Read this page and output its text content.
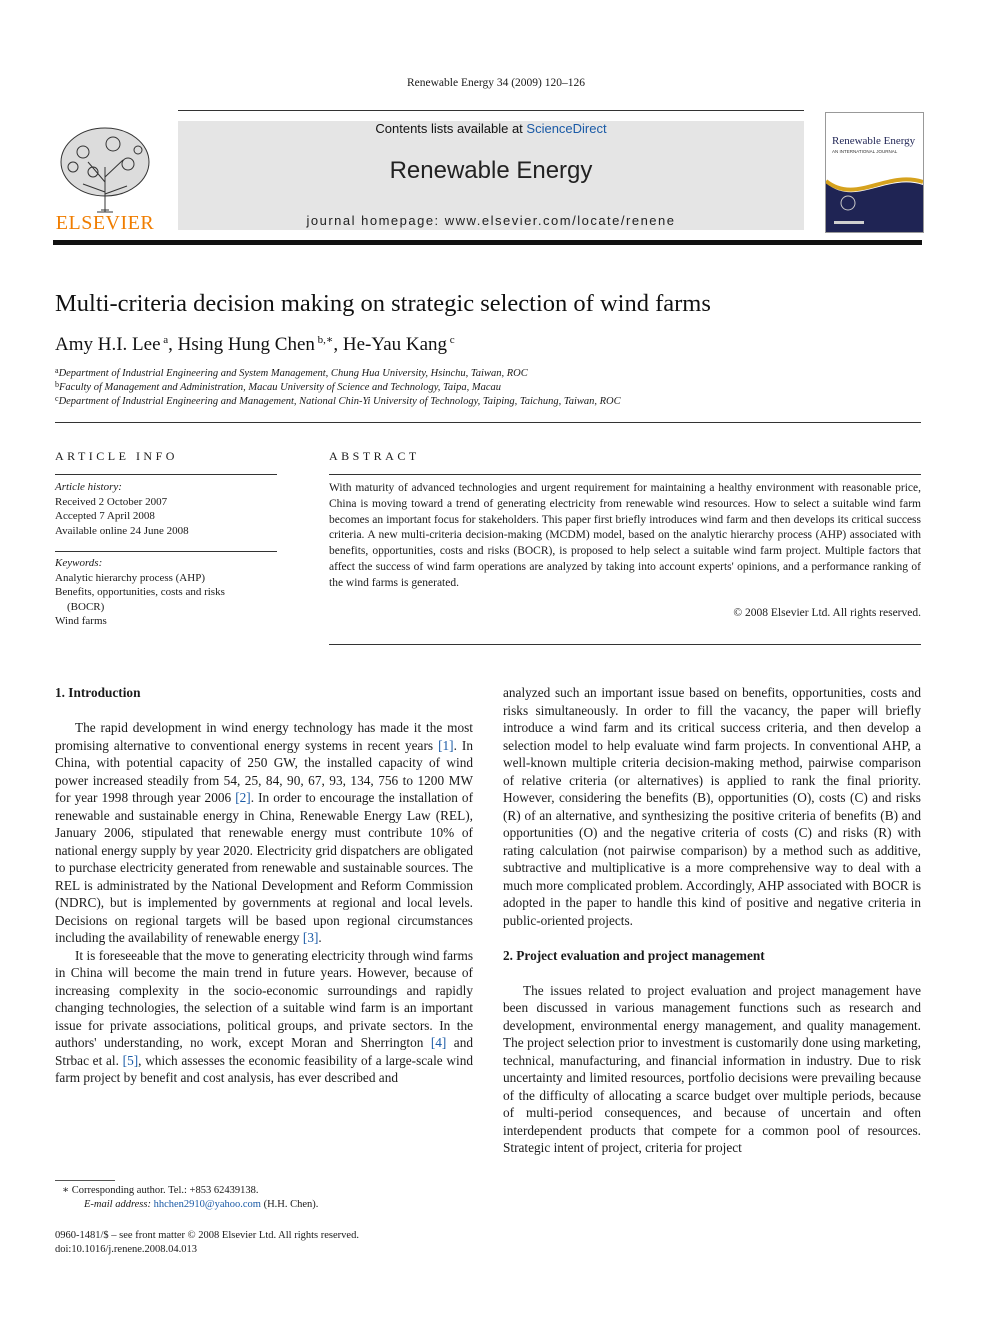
Renewable Energy 34 (2009) 120–126
ELSEVIER
Contents lists available at ScienceDirect
Renewable Energy
journal homepage: www.elsevier.com/locate/renene
Renewable Energy
AN INTERNATIONAL JOURNAL
Multi-criteria decision making on strategic selection of wind farms
Amy H.I. Lee $^a$, Hsing Hung Chen $^{b,∗}$, He-Yau Kang $^c$
$^a$Department of Industrial Engineering and System Management, Chung Hua University, Hsinchu, Taiwan, ROC
$^b$Faculty of Management and Administration, Macau University of Science and Technology, Taipa, Macau
$^c$Department of Industrial Engineering and Management, National Chin-Yi University of Technology, Taiping, Taichung, Taiwan, ROC
ARTICLE INFO
Article history:
Received 2 October 2007
Accepted 7 April 2008
Available online 24 June 2008
Keywords:
Analytic hierarchy process (AHP)
Benefits, opportunities, costs and risks
(BOCR)
Wind farms
ABSTRACT
With maturity of advanced technologies and urgent requirement for maintaining a healthy environment with reasonable price, China is moving toward a trend of generating electricity from renewable wind resources. How to select a suitable wind farm becomes an important focus for stakeholders. This paper first briefly introduces wind farm and then develops its critical success criteria. A new multi-criteria decision-making (MCDM) model, based on the analytic hierarchy process (AHP) associated with benefits, opportunities, costs and risks (BOCR), is proposed to help select a suitable wind farm project. Multiple factors that affect the success of wind farm operations are analyzed by taking into account experts' opinions, and a performance ranking of the wind farms is generated.
© 2008 Elsevier Ltd. All rights reserved.
1. Introduction

The rapid development in wind energy technology has made it the most promising alternative to conventional energy systems in recent years [1]. In China, with potential capacity of 250 GW, the installed capacity of wind power increased steadily from 54, 25, 84, 90, 67, 93, 134, 756 to 1200 MW for year 1998 through year 2006 [2]. In order to encourage the installation of renewable and sustainable energy in China, Renewable Energy Law (REL), January 2006, stipulated that renewable energy must contribute 10% of national energy supply by year 2020. Electricity grid dispatchers are obligated to purchase electricity generated from renewable and sustainable sources. The REL is administrated by the National Development and Reform Commission (NDRC), but is implemented by governments at regional and local levels. Decisions on regional targets will be based upon regional circumstances including the availability of renewable energy [3].

It is foreseeable that the move to generating electricity through wind farms in China will become the main trend in future years. However, because of increasing complexity in the socio-economic surroundings and rapidly changing technologies, the selection of a suitable wind farm is an important issue for private associations, political groups, and private sectors. In the authors' understanding, no work, except Moran and Sherrington [4] and Strbac et al. [5], which assesses the economic feasibility of a large-scale wind farm project by benefit and cost analysis, has ever described and

analyzed such an important issue based on benefits, opportunities, costs and risks simultaneously. In order to fill the vacancy, the paper will briefly introduce a wind farm and its critical success criteria, and then develop a selection model to help evaluate wind farm projects. In conventional AHP, a well-known multiple criteria decision-making method, pairwise comparison of relative criteria (or alternatives) is applied to rank the final priority. However, considering the benefits (B), opportunities (O), costs (C) and risks (R) of an alternative, and synthesizing the positive criteria of benefits (B) and opportunities (O) and the negative criteria of costs (C) and risks (R) with rating calculation (not pairwise comparison) by a method such as additive, subtractive and multiplicative is a more comprehensive way to deal with a much more complicated problem. Accordingly, AHP associated with BOCR is adopted in the paper to handle this kind of positive and negative criteria in public-oriented projects.

2. Project evaluation and project management

The issues related to project evaluation and project management have been discussed in various management functions such as research and development, environmental energy management, and quality management. The project selection prior to investment is customarily done using marketing, technical, manufacturing, and financial information in industry. Due to risk uncertainty and limited resources, portfolio decisions were prevailing because of the difficulty of allocating a scarce budget over multiple periods, because of multi-period consequences, and because of uncertain and often interdependent products that compete for a common pool of resources. Strategic intent of project, criteria for project

∗ Corresponding author. Tel.: +853 62439138.
E-mail address: hhchen2910@yahoo.com (H.H. Chen).
0960-1481/$ – see front matter © 2008 Elsevier Ltd. All rights reserved.
doi:10.1016/j.renene.2008.04.013
